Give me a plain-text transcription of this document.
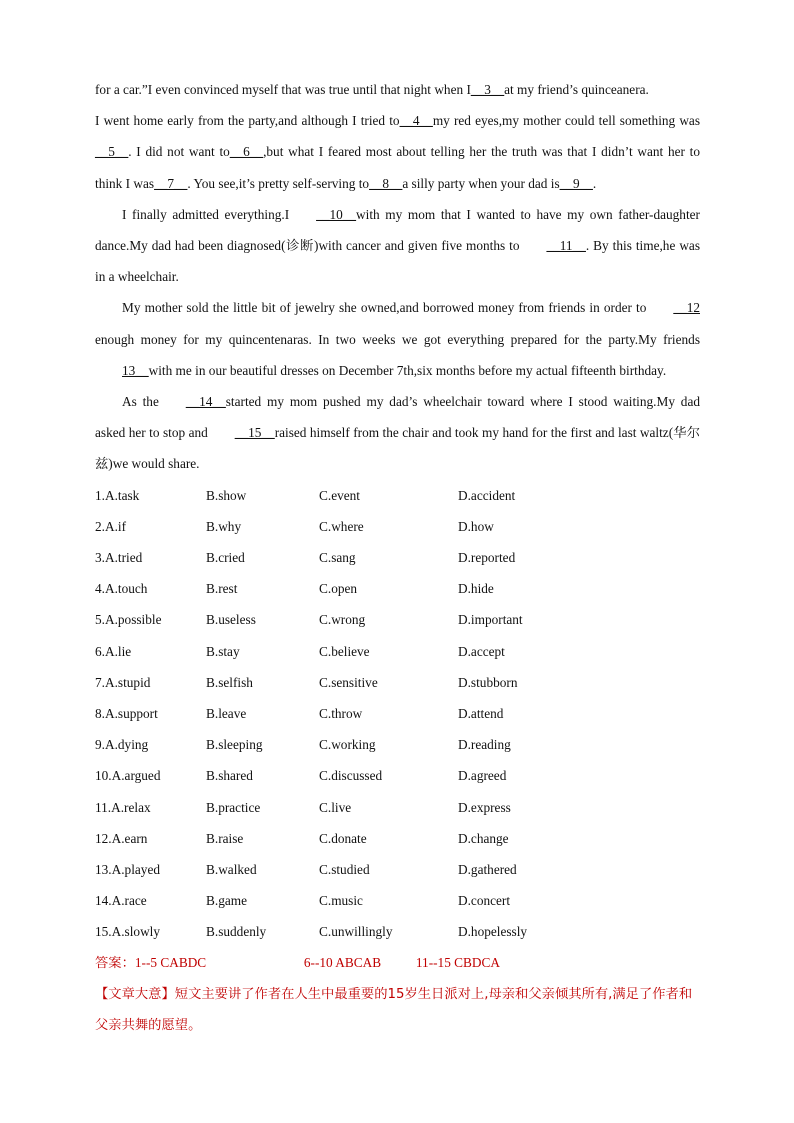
for a car.”I even convinced myself that was true until that night when I__3__at my friend’s quinceanera.

I went home early from the party,and although I tried to__4__my red eyes,my mother could tell something was__5__. I did not want to__6__,but what I feared most about telling her the truth was that I didn’t want her to think I was__7__. You see,it’s pretty self-serving to__8__a silly party when your dad is__9__.

I finally admitted everything.I __10__with my mom that I wanted to have my own father-daughter dance.My dad had been diagnosed(诊断)with cancer and given five months to __11__. By this time,he was in a wheelchair.

My mother sold the little bit of jewelry she owned,and borrowed money from friends in order to __12 enough money for my quincentenaras. In two weeks we got everything prepared for the party.My friends 13__with me in our beautiful dresses on December 7th,six months before my actual fifteenth birthday.

As the __14__started my mom pushed my dad’s wheelchair toward where I stood waiting.My dad asked her to stop and __15__raised himself from the chair and took my hand for the first and last waltz(华尔兹)we would share.

1.A.task	B.show	C.event	D.accident
2.A.if	B.why	C.where	D.how
3.A.tried	B.cried	C.sang	D.reported
4.A.touch	B.rest	C.open	D.hide
5.A.possible	B.useless	C.wrong	D.important
6.A.lie	B.stay	C.believe	D.accept
7.A.stupid	B.selfish	C.sensitive	D.stubborn
8.A.support	B.leave	C.throw	D.attend
9.A.dying	B.sleeping	C.working	D.reading
10.A.argued	B.shared	C.discussed	D.agreed
11.A.relax	B.practice	C.live	D.express
12.A.earn	B.raise	C.donate	D.change
13.A.played	B.walked	C.studied	D.gathered
14.A.race	B.game	C.music	D.concert
15.A.slowly	B.suddenly	C.unwillingly	D.hopelessly
答案：1--5 CABDC	6--10 ABCAB	11--15 CBDCA

【文章大意】短文主要讲了作者在人生中最重要的15岁生日派对上,母亲和父亲倾其所有,满足了作者和父亲共舞的愿望。
